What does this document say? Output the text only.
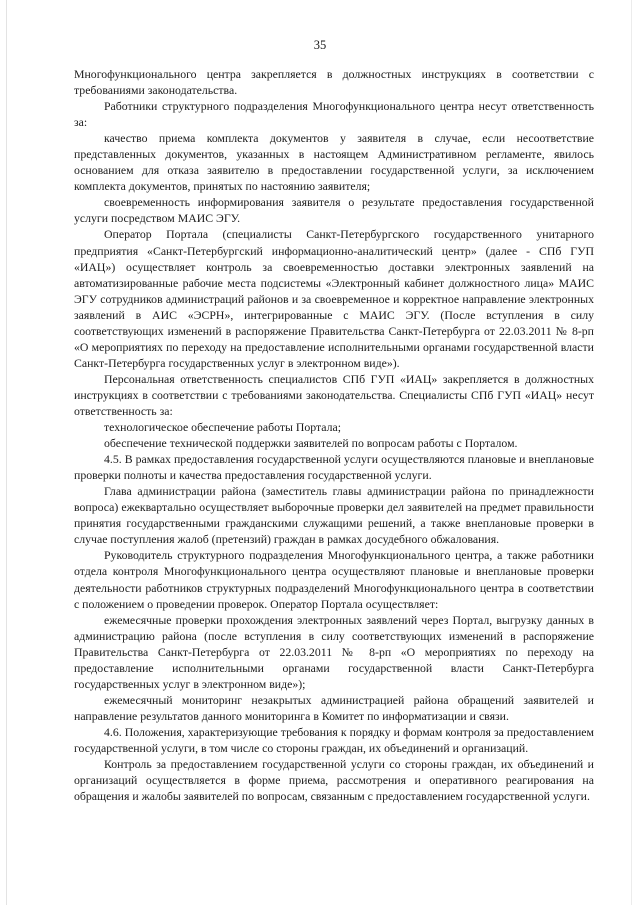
35

Многофункционального центра закрепляется в должностных инструкциях в соответствии с требованиями законодательства.

Работники структурного подразделения Многофункционального центра несут ответственность за:

качество приема комплекта документов у заявителя в случае, если несоответствие представленных документов, указанных в настоящем Административном регламенте, явилось основанием для отказа заявителю в предоставлении государственной услуги, за исключением комплекта документов, принятых по настоянию заявителя;

своевременность информирования заявителя о результате предоставления государственной услуги посредством МАИС ЭГУ.

Оператор Портала (специалисты Санкт-Петербургского государственного унитарного предприятия «Санкт-Петербургский информационно-аналитический центр» (далее - СПб ГУП «ИАЦ») осуществляет контроль за своевременностью доставки электронных заявлений на автоматизированные рабочие места подсистемы «Электронный кабинет должностного лица» МАИС ЭГУ сотрудников администраций районов и за своевременное и корректное направление электронных заявлений в АИС «ЭСРН», интегрированные с МАИС ЭГУ. (После вступления в силу соответствующих изменений в распоряжение Правительства Санкт-Петербурга от 22.03.2011 № 8-рп «О мероприятиях по переходу на предоставление исполнительными органами государственной власти Санкт-Петербурга государственных услуг в электронном виде»).

Персональная ответственность специалистов СПб ГУП «ИАЦ» закрепляется в должностных инструкциях в соответствии с требованиями законодательства. Специалисты СПб ГУП «ИАЦ» несут ответственность за:

технологическое обеспечение работы Портала;

обеспечение технической поддержки заявителей по вопросам работы с Порталом.

4.5. В рамках предоставления государственной услуги осуществляются плановые и внеплановые проверки полноты и качества предоставления государственной услуги.

Глава администрации района (заместитель главы администрации района по принадлежности вопроса) ежеквартально осуществляет выборочные проверки дел заявителей на предмет правильности принятия государственными гражданскими служащими решений, а также внеплановые проверки в случае поступления жалоб (претензий) граждан в рамках досудебного обжалования.

Руководитель структурного подразделения Многофункционального центра, а также работники отдела контроля Многофункционального центра осуществляют плановые и внеплановые проверки деятельности работников структурных подразделений Многофункционального центра в соответствии с положением о проведении проверок. Оператор Портала осуществляет:

ежемесячные проверки прохождения электронных заявлений через Портал, выгрузку данных в администрацию района (после вступления в силу соответствующих изменений в распоряжение Правительства Санкт-Петербурга от 22.03.2011 № 8-рп «О мероприятиях по переходу на предоставление исполнительными органами государственной власти Санкт-Петербурга государственных услуг в электронном виде»);

ежемесячный мониторинг незакрытых администрацией района обращений заявителей и направление результатов данного мониторинга в Комитет по информатизации и связи.

4.6. Положения, характеризующие требования к порядку и формам контроля за предоставлением государственной услуги, в том числе со стороны граждан, их объединений и организаций.

Контроль за предоставлением государственной услуги со стороны граждан, их объединений и организаций осуществляется в форме приема, рассмотрения и оперативного реагирования на обращения и жалобы заявителей по вопросам, связанным с предоставлением государственной услуги.
